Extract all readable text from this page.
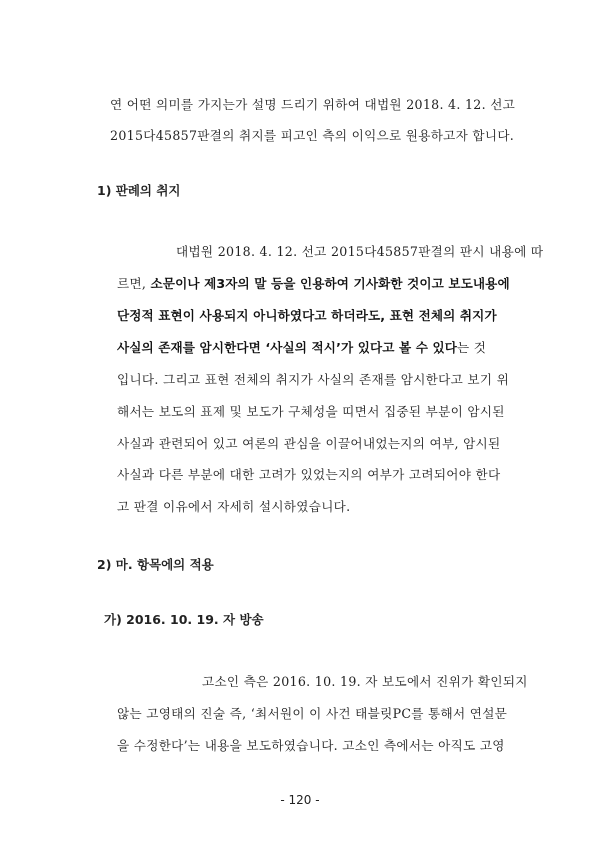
연 어떤 의미를 가지는가 설명 드리기 위하여 대법원 2018. 4. 12. 선고
2015다45857판결의 취지를 피고인 측의 이익으로 원용하고자 합니다.
1) 판례의 취지
대법원 2018. 4. 12. 선고 2015다45857판결의 판시 내용에 따
르면, 소문이나 제3자의 말 등을 인용하여 기사화한 것이고 보도내용에
단정적 표현이 사용되지 아니하였다고 하더라도, 표현 전체의 취지가
사실의 존재를 암시한다면 ‘사실의 적시’가 있다고 볼 수 있다는 것
입니다. 그리고 표현 전체의 취지가 사실의 존재를 암시한다고 보기 위
해서는 보도의 표제 및 보도가 구체성을 띠면서 집중된 부분이 암시된
사실과 관련되어 있고 여론의 관심을 이끌어내었는지의 여부, 암시된
사실과 다른 부분에 대한 고려가 있었는지의 여부가 고려되어야 한다
고 판결 이유에서 자세히 설시하였습니다.
2) 마. 항목에의 적용
가) 2016. 10. 19. 자 방송
고소인 측은 2016. 10. 19. 자 보도에서 진위가 확인되지
않는 고영태의 진술 즉, ‘최서원이 이 사건 태블릿PC를 통해서 연설문
을 수정한다’는 내용을 보도하였습니다. 고소인 측에서는 아직도 고영
- 120 -
